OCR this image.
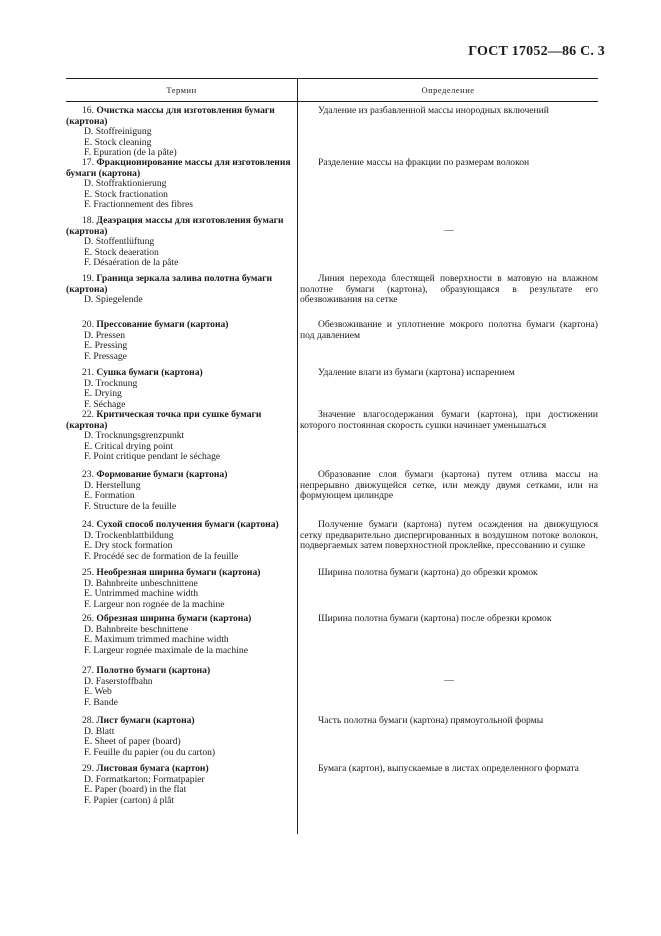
ГОСТ 17052—86 С. 3
Термин	Определение
16. Очистка массы для изготовления бумаги (картона)
D. Stoffreinigung
E. Stock cleaning
F. Epuration (de la pâte)
17. Фракционирование массы для изготовления бумаги (картона)
D. Stoffraktionierung
E. Stock fractionation
F. Fractionnement des fibres
18. Деаэрация массы для изготовления бумаги (картона)
D. Stoffentlüftung
E. Stock deaeration
F. Désaération de la pâte
19. Граница зеркала залива полотна бумаги (картона)
D. Spiegelende
20. Прессование бумаги (картона)
D. Pressen
E. Pressing
F. Pressage
21. Сушка бумаги (картона)
D. Trocknung
E. Drying
F. Séchage
22. Критическая точка при сушке бумаги (картона)
D. Trocknungsgrenzpunkt
E. Critical drying point
F. Point critique pendant le séchage
23. Формование бумаги (картона)
D. Herstellung
E. Formation
F. Structure de la feuille
24. Сухой способ получения бумаги (картона)
D. Trockenblattbildung
E. Dry stock formation
F. Procédé sec de formation de la feuille
25. Необрезная ширина бумаги (картона)
D. Bahnbreite unbeschnittene
E. Untrimmed machine width
F. Largeur non rognée de la machine
26. Обрезная ширина бумаги (картона)
D. Bahnbreite beschnittene
E. Maximum trimmed machine width
F. Largeur rognée maximale de la machine
27. Полотно бумаги (картона)
D. Faserstoffbahn
E. Web
F. Bande
28. Лист бумаги (картона)
D. Blatt
E. Sheet of paper (board)
F. Feuille du papier (ou du carton)
29. Листовая бумага (картон)
D. Formatkarton; Formatpapier
E. Paper (board) in the flat
F. Papier (carton) á plât
Удаление из разбавленной массы инородных включений
Разделение массы на фракции по размерам волокон
—
Линия перехода блестящей поверхности в матовую на влажном полотне бумаги (картона), образующаяся в результате его обезвоживания на сетке
Обезвоживание и уплотнение мокрого полотна бумаги (картона) под давлением
Удаление влаги из бумаги (картона) испарением
Значение влагосодержания бумаги (картона), при достижении которого постоянная скорость сушки начинает уменьшаться
Образование слоя бумаги (картона) путем отлива массы на непрерывно движущейся сетке, или между двумя сетками, или на формующем цилиндре
Получение бумаги (картона) путем осаждения на движущуюся сетку предварительно диспергированных в воздушном потоке волокон, подвергаемых затем поверхностной проклейке, прессованию и сушке
Ширина полотна бумаги (картона) до обрезки кромок
Ширина полотна бумаги (картона) после обрезки кромок
—
Часть полотна бумаги (картона) прямоугольной формы
Бумага (картон), выпускаемые в листах определенного формата
